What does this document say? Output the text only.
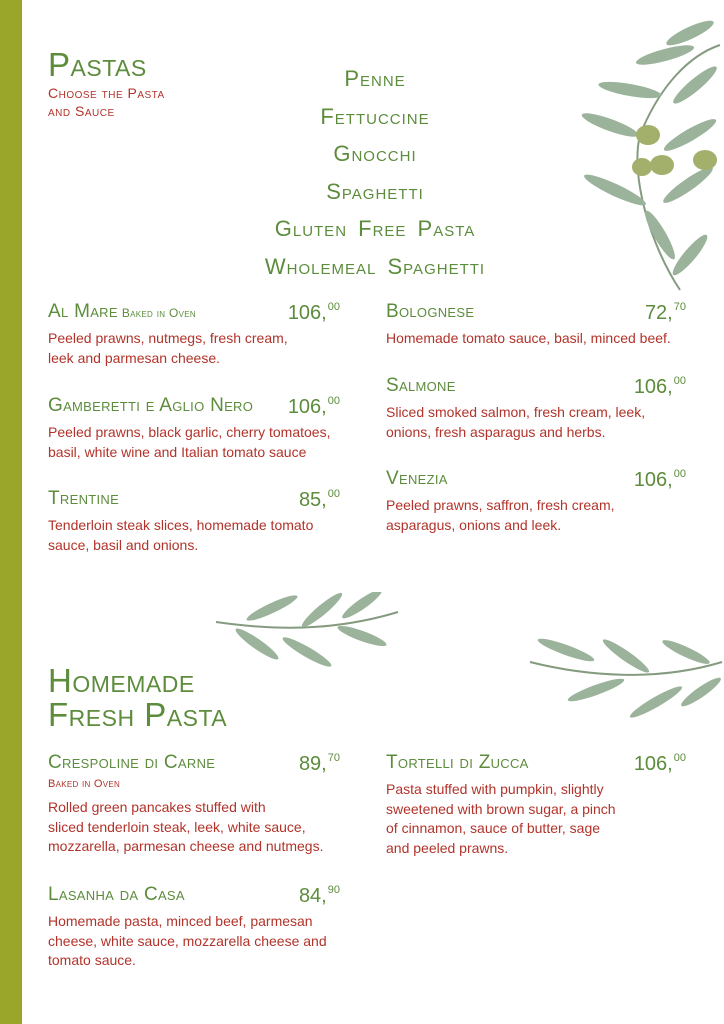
Pastas
Choose the Pasta
and Sauce
Penne
Fettuccine
Gnocchi
Spaghetti
Gluten Free Pasta
Wholemeal Spaghetti
Al Mare Baked in Oven	106,00
Peeled prawns, nutmegs, fresh cream,
leek and parmesan cheese.
Gamberetti e Aglio Nero 106,00
Peeled prawns, black garlic, cherry tomatoes,
basil, white wine and Italian tomato sauce
Trentine	85,00
Tenderloin steak slices, homemade tomato
sauce, basil and onions.
Bolognese	72,70
Homemade tomato sauce, basil, minced beef.
Salmone	106,00
Sliced smoked salmon, fresh cream, leek,
onions, fresh asparagus and herbs.
Venezia	106,00
Peeled prawns, saffron, fresh cream,
asparagus, onions and leek.
Homemade
Fresh Pasta
Crespoline di Carne	89,70
Baked in Oven
Rolled green pancakes stuffed with
sliced tenderloin steak, leek, white sauce,
mozzarella, parmesan cheese and nutmegs.
Lasanha da Casa	84,90
Homemade pasta, minced beef, parmesan
cheese, white sauce, mozzarella cheese and
tomato sauce.
Tortelli di Zucca	106,00
Pasta stuffed with pumpkin, slightly
sweetened with brown sugar, a pinch
of cinnamon, sauce of butter, sage
and peeled prawns.
